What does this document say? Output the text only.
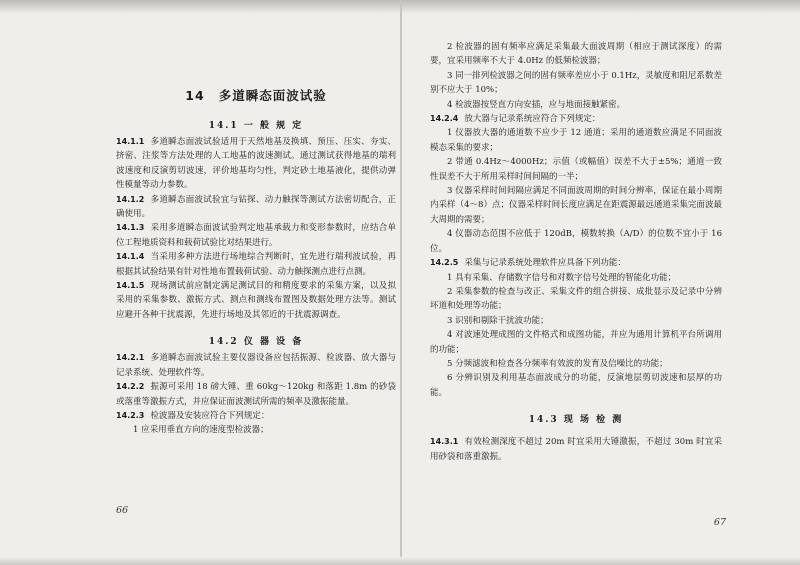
14 多道瞬态面波试验
14.1 一 般 规 定

14.1.1 多道瞬态面波试验适用于天然地基及换填、预压、压实、夯实、挤密、注浆等方法处理的人工地基的波速测试。通过测试获得地基的瑞利波速度和反演剪切波速，评价地基均匀性，判定砂土地基液化，提供动弹性模量等动力参数。

14.1.2 多道瞬态面波试验宜与钻探、动力触探等测试方法密切配合，正确使用。

14.1.3 采用多道瞬态面波试验判定地基承载力和变形参数时，应结合单位工程地质资料和载荷试验比对结果进行。

14.1.4 当采用多种方法进行场地综合判断时，宜先进行瑞利波试验，再根据其试验结果有针对性地布置载荷试验、动力触探测点进行点测。

14.1.5 现场测试前应制定满足测试目的和精度要求的采集方案，以及拟采用的采集参数、激振方式、测点和测线布置图及数据处理方法等。测试应避开各种干扰震源，先进行场地及其邻近的干扰震源调查。

14.2 仪 器 设 备

14.2.1 多道瞬态面波试验主要仪器设备应包括振源、检波器、放大器与记录系统、处理软件等。

14.2.2 振源可采用 18 磅大锤、重 60kg～120kg 和落距 1.8m 的砂袋或落重等激振方式，并应保证面波测试所需的频率及激振能量。

14.2.3 检波器及安装应符合下列规定：

1 应采用垂直方向的速度型检波器；

66

2 检波器的固有频率应满足采集最大面波周期（相应于测试深度）的需要，宜采用频率不大于 4.0Hz 的低频检波器；

3 同一排列检波器之间的固有频率差应小于 0.1Hz，灵敏度和阻尼系数差别不应大于 10%；

4 检波器按竖直方向安插，应与地面接触紧密。

14.2.4 放大器与记录系统应符合下列规定：

1 仪器放大器的通道数不应少于 12 通道；采用的通道数应满足不同面波模态采集的要求；

2 带通 0.4Hz～4000Hz；示值（或幅值）误差不大于±5%；通道一致性误差不大于所用采样时间间隔的一半；

3 仪器采样时间间隔应满足不同面波周期的时间分辨率，保证在最小周期内采样（4～8）点；仪器采样时间长度应满足在距震源最远通道采集完面波最大周期的需要；

4 仪器动态范围不应低于 120dB，模数转换（A/D）的位数不宜小于 16 位。

14.2.5 采集与记录系统处理软件应具备下列功能：

1 具有采集、存储数字信号和对数字信号处理的智能化功能；

2 采集参数的检查与改正、采集文件的组合拼接、成批显示及记录中分辨坏道和处理等功能；

3 识别和剔除干扰波功能；

4 对波速处理成图的文件格式和成图功能，并应为通用计算机平台所调用的功能；

5 分频滤波和检查各分频率有效波的发育及信噪比的功能；

6 分辨识别及利用基态面波成分的功能，反演地层剪切波速和层厚的功能。

14.3 现 场 检 测

14.3.1 有效检测深度不超过 20m 时宜采用大锤激振，不超过 30m 时宜采用砂袋和落重激振。

67
